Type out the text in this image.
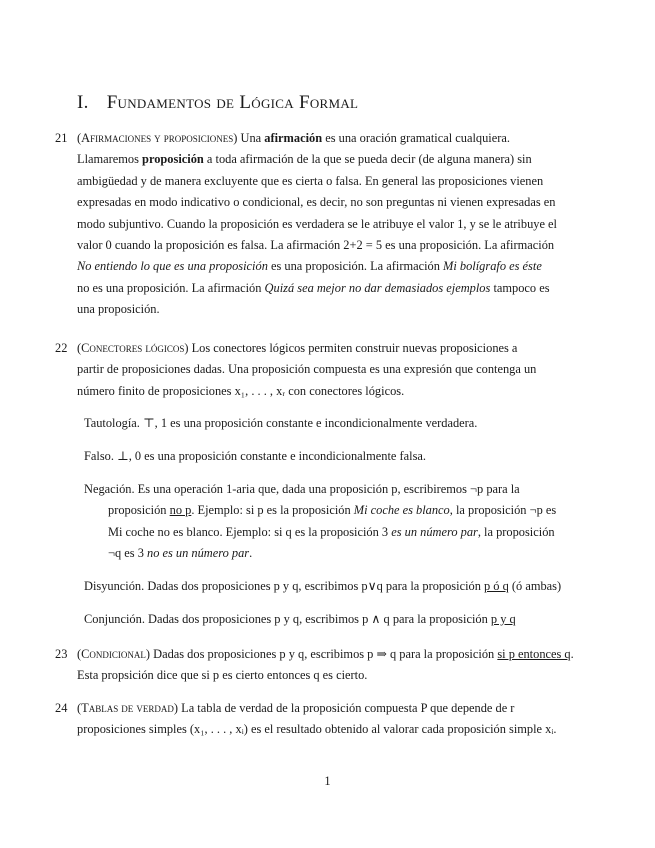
I. Fundamentos de Lógica Formal
21 (Afirmaciones y proposiciones) Una afirmación es una oración gramatical cualquiera.
Llamaremos proposición a toda afirmación de la que se pueda decir (de alguna manera) sin
ambigüedad y de manera excluyente que es cierta o falsa. En general las proposiciones vienen
expresadas en modo indicativo o condicional, es decir, no son preguntas ni vienen expresadas en
modo subjuntivo. Cuando la proposición es verdadera se le atribuye el valor 1, y se le atribuye el
valor 0 cuando la proposición es falsa. La afirmación 2+2 = 5 es una proposición. La afirmación
No entiendo lo que es una proposición es una proposición. La afirmación Mi bolígrafo es éste
no es una proposición. La afirmación Quizá sea mejor no dar demasiados ejemplos tampoco es
una proposición.
22 (Conectores lógicos) Los conectores lógicos permiten construir nuevas proposiciones a
partir de proposiciones dadas. Una proposición compuesta es una expresión que contenga un
número finito de proposiciones x₁, . . . , xᵣ con conectores lógicos.
Tautología. ⊤, 1 es una proposición constante e incondicionalmente verdadera.
Falso. ⊥, 0 es una proposición constante e incondicionalmente falsa.
Negación. Es una operación 1-aria que, dada una proposición p, escribiremos ¬p para la
proposición no p. Ejemplo: si p es la proposición Mi coche es blanco, la proposición ¬p es
Mi coche no es blanco. Ejemplo: si q es la proposición 3 es un número par, la proposición
¬q es 3 no es un número par.
Disyunción. Dadas dos proposiciones p y q, escribimos p∨q para la proposición p ó q (ó ambas)
Conjunción. Dadas dos proposiciones p y q, escribimos p ∧ q para la proposición p y q
23 (Condicional) Dadas dos proposiciones p y q, escribimos p ⇒ q para la proposición si p entonces q.
Esta propsición dice que si p es cierto entonces q es cierto.
24 (Tablas de verdad) La tabla de verdad de la proposición compuesta P que depende de r
proposiciones simples (x₁, . . . , xᵢ) es el resultado obtenido al valorar cada proposición simple xᵢ.
1
